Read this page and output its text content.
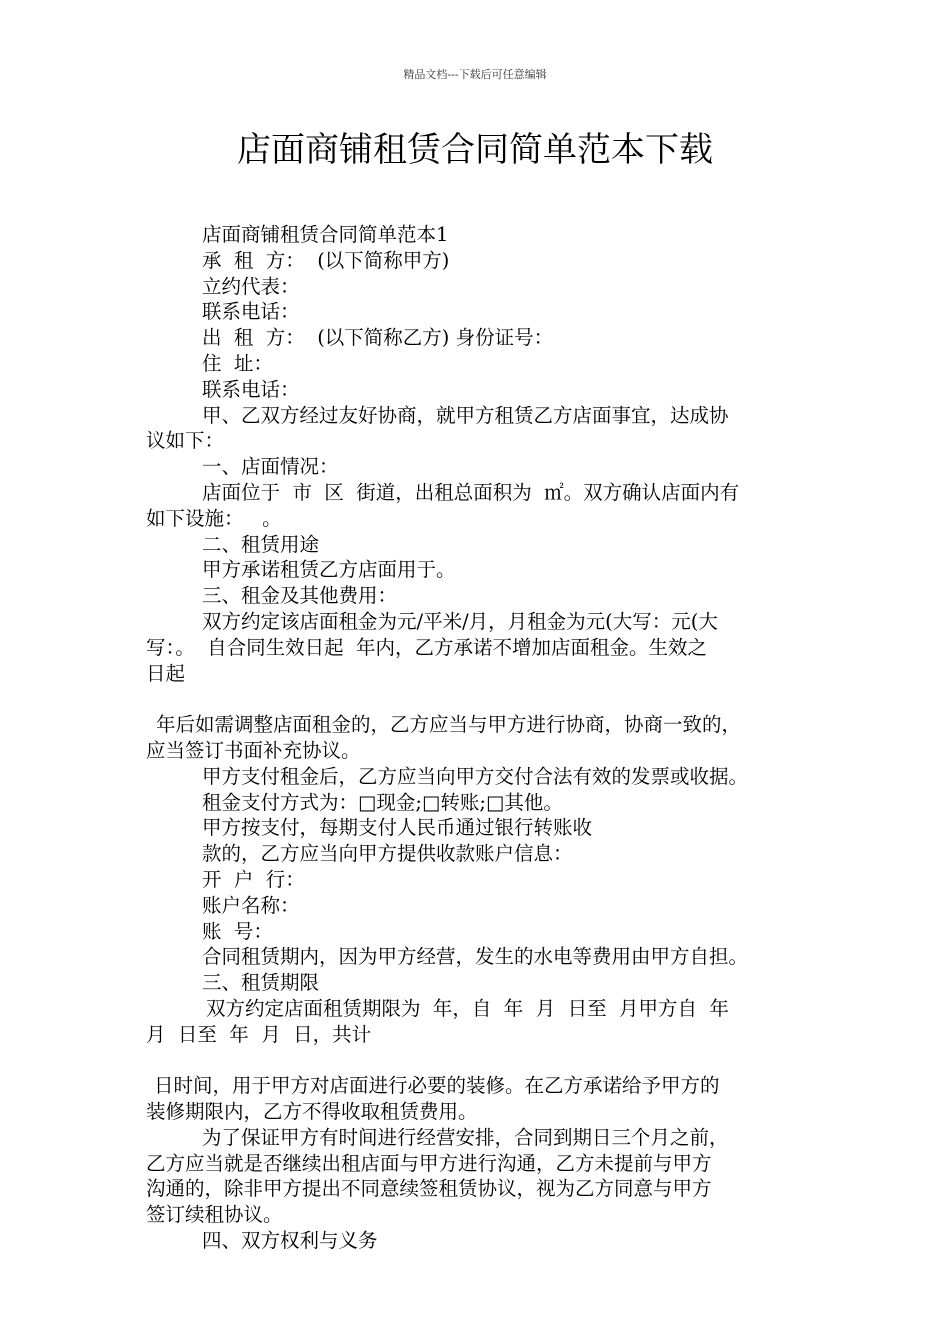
精品文档---下载后可任意编辑
店面商铺租赁合同简单范本下载

店面商铺租赁合同简单范本1

承  租  方：  (以下简称甲方)

立约代表：

联系电话：

出  租  方：  (以下简称乙方) 身份证号：

住  址：

联系电话：

甲、乙双方经过友好协商，就甲方租赁乙方店面事宜，达成协

议如下：

一、店面情况：

店面位于  市  区  街道，出租总面积为  ㎡。双方确认店面内有

如下设施：   。

二、租赁用途

甲方承诺租赁乙方店面用于。

三、租金及其他费用：

双方约定该店面租金为元/平米/月，月租金为元(大写：元(大

写：。  自合同生效日起  年内，乙方承诺不增加店面租金。生效之

日起

年后如需调整店面租金的，乙方应当与甲方进行协商，协商一致的，

应当签订书面补充协议。

甲方支付租金后，乙方应当向甲方交付合法有效的发票或收据。

租金支付方式为：□现金;□转账;□其他。

甲方按支付，每期支付人民币通过银行转账收

款的，乙方应当向甲方提供收款账户信息：

开  户  行：

账户名称：

账  号：

合同租赁期内，因为甲方经营，发生的水电等费用由甲方自担。

三、租赁期限

双方约定店面租赁期限为  年，自  年  月  日至  月甲方自  年

月  日至  年  月  日，共计

日时间，用于甲方对店面进行必要的装修。在乙方承诺给予甲方的

装修期限内，乙方不得收取租赁费用。

为了保证甲方有时间进行经营安排，合同到期日三个月之前，

乙方应当就是否继续出租店面与甲方进行沟通，乙方未提前与甲方

沟通的，除非甲方提出不同意续签租赁协议，视为乙方同意与甲方

签订续租协议。

四、双方权利与义务
